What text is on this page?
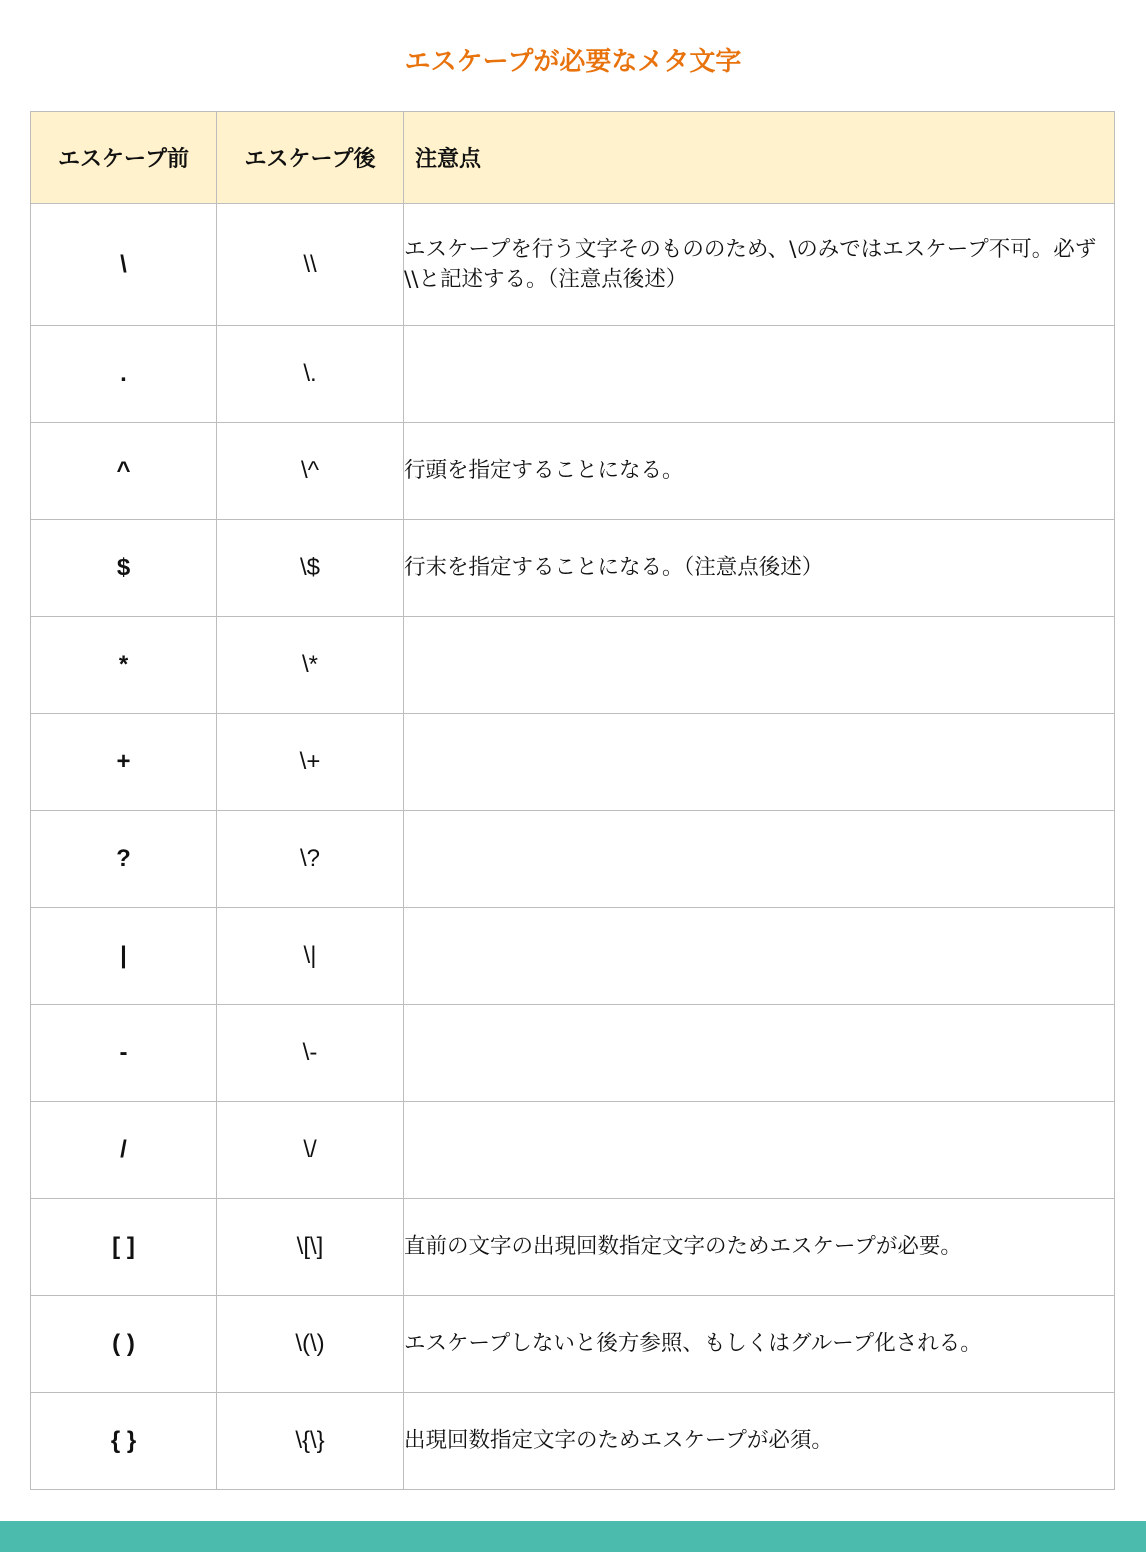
エスケープが必要なメタ文字
エスケープ前	エスケープ後	注意点
\	\\	エスケープを行う文字そのもののため、\のみではエスケープ不可。必ず\\と記述する。（注意点後述）
.	\.	
^	\^	行頭を指定することになる。
$	\$	行末を指定することになる。（注意点後述）
*	\*	
+	\+	
?	\?	
|	\|	
-	\-	
/	\/	
[ ]	\[\]	直前の文字の出現回数指定文字のためエスケープが必要。
( )	\(\)	エスケープしないと後方参照、もしくはグループ化される。
{ }	\{\}	出現回数指定文字のためエスケープが必須。
